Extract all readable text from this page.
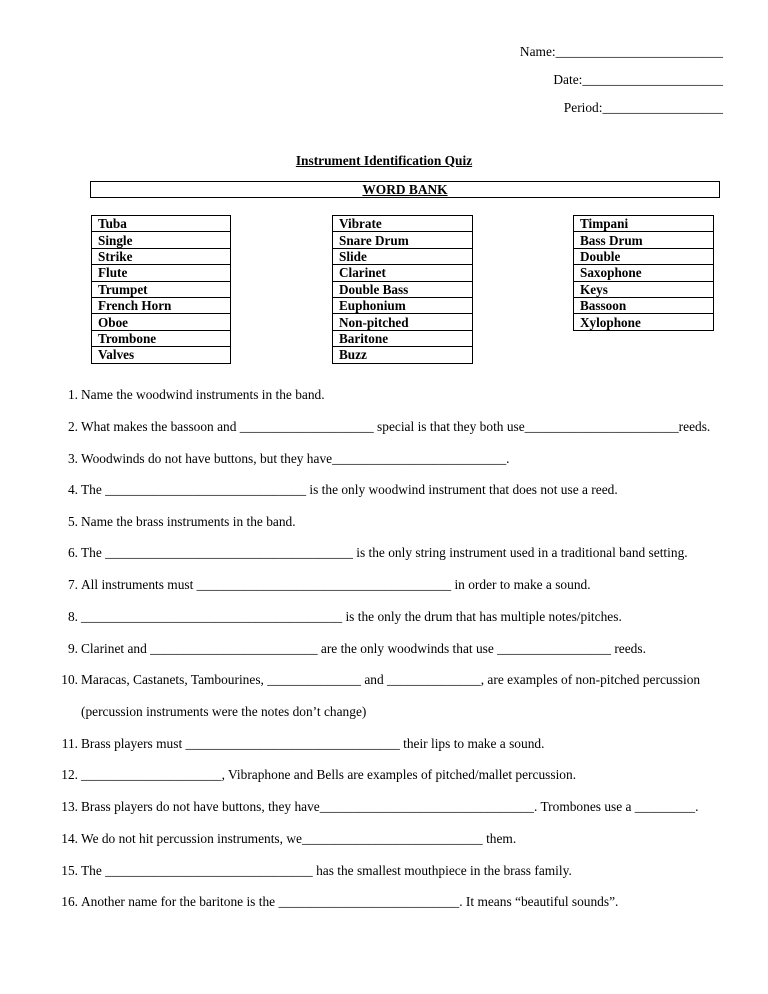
Name:_________________________
Date:_____________________
Period:__________________
Instrument Identification Quiz
WORD BANK
Tuba
Single
Strike
Flute
Trumpet
French Horn
Oboe
Trombone
Valves
Vibrate
Snare Drum
Slide
Clarinet
Double Bass
Euphonium
Non-pitched
Baritone
Buzz
Timpani
Bass Drum
Double
Saxophone
Keys
Bassoon
Xylophone
1. Name the woodwind instruments in the band.
2. What makes the bassoon and ____________________ special is that they both use_______________________reeds.
3. Woodwinds do not have buttons, but they have__________________________.
4. The ______________________________ is the only woodwind instrument that does not use a reed.
5. Name the brass instruments in the band.
6. The _____________________________________ is the only string instrument used in a traditional band setting.
7. All instruments must ______________________________________ in order to make a sound.
8. _______________________________________ is the only the drum that has multiple notes/pitches.
9. Clarinet and _________________________ are the only woodwinds that use _________________ reeds.
10. Maracas, Castanets, Tambourines, ______________ and ______________, are examples of non-pitched percussion
(percussion instruments were the notes don’t change)
11. Brass players must ________________________________ their lips to make a sound.
12. _____________________, Vibraphone and Bells are examples of pitched/mallet percussion.
13. Brass players do not have buttons, they have________________________________. Trombones use a _________.
14. We do not hit percussion instruments, we___________________________ them.
15. The _______________________________ has the smallest mouthpiece in the brass family.
16. Another name for the baritone is the ___________________________. It means “beautiful sounds”.
